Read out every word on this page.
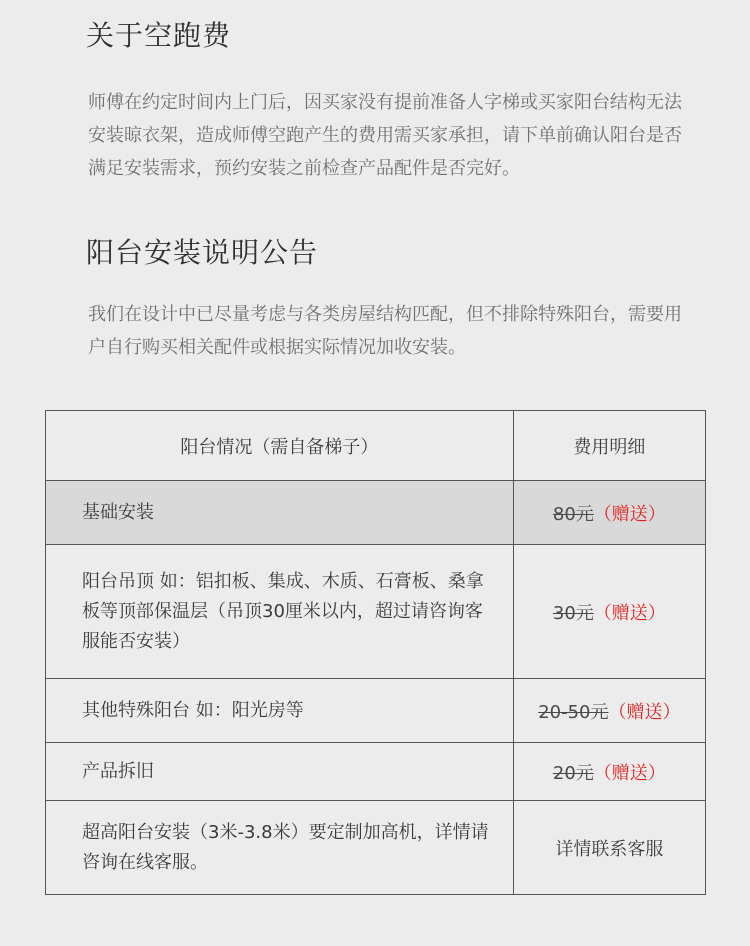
关于空跑费

师傅在约定时间内上门后，因买家没有提前准备人字梯或买家阳台结构无法安装晾衣架，造成师傅空跑产生的费用需买家承担，请下单前确认阳台是否满足安装需求，预约安装之前检查产品配件是否完好。

阳台安装说明公告

我们在设计中已尽量考虑与各类房屋结构匹配，但不排除特殊阳台，需要用户自行购买相关配件或根据实际情况加收安装。

阳台情况（需自备梯子）	费用明细
基础安装	80元（赠送）
阳台吊顶 如：铝扣板、集成、木质、石膏板、桑拿板等顶部保温层（吊顶30厘米以内，超过请咨询客服能否安装）	30元（赠送）
其他特殊阳台 如：阳光房等	20-50元（赠送）
产品拆旧	20元（赠送）
超高阳台安装（3米-3.8米）要定制加高机，详情请咨询在线客服。	详情联系客服
